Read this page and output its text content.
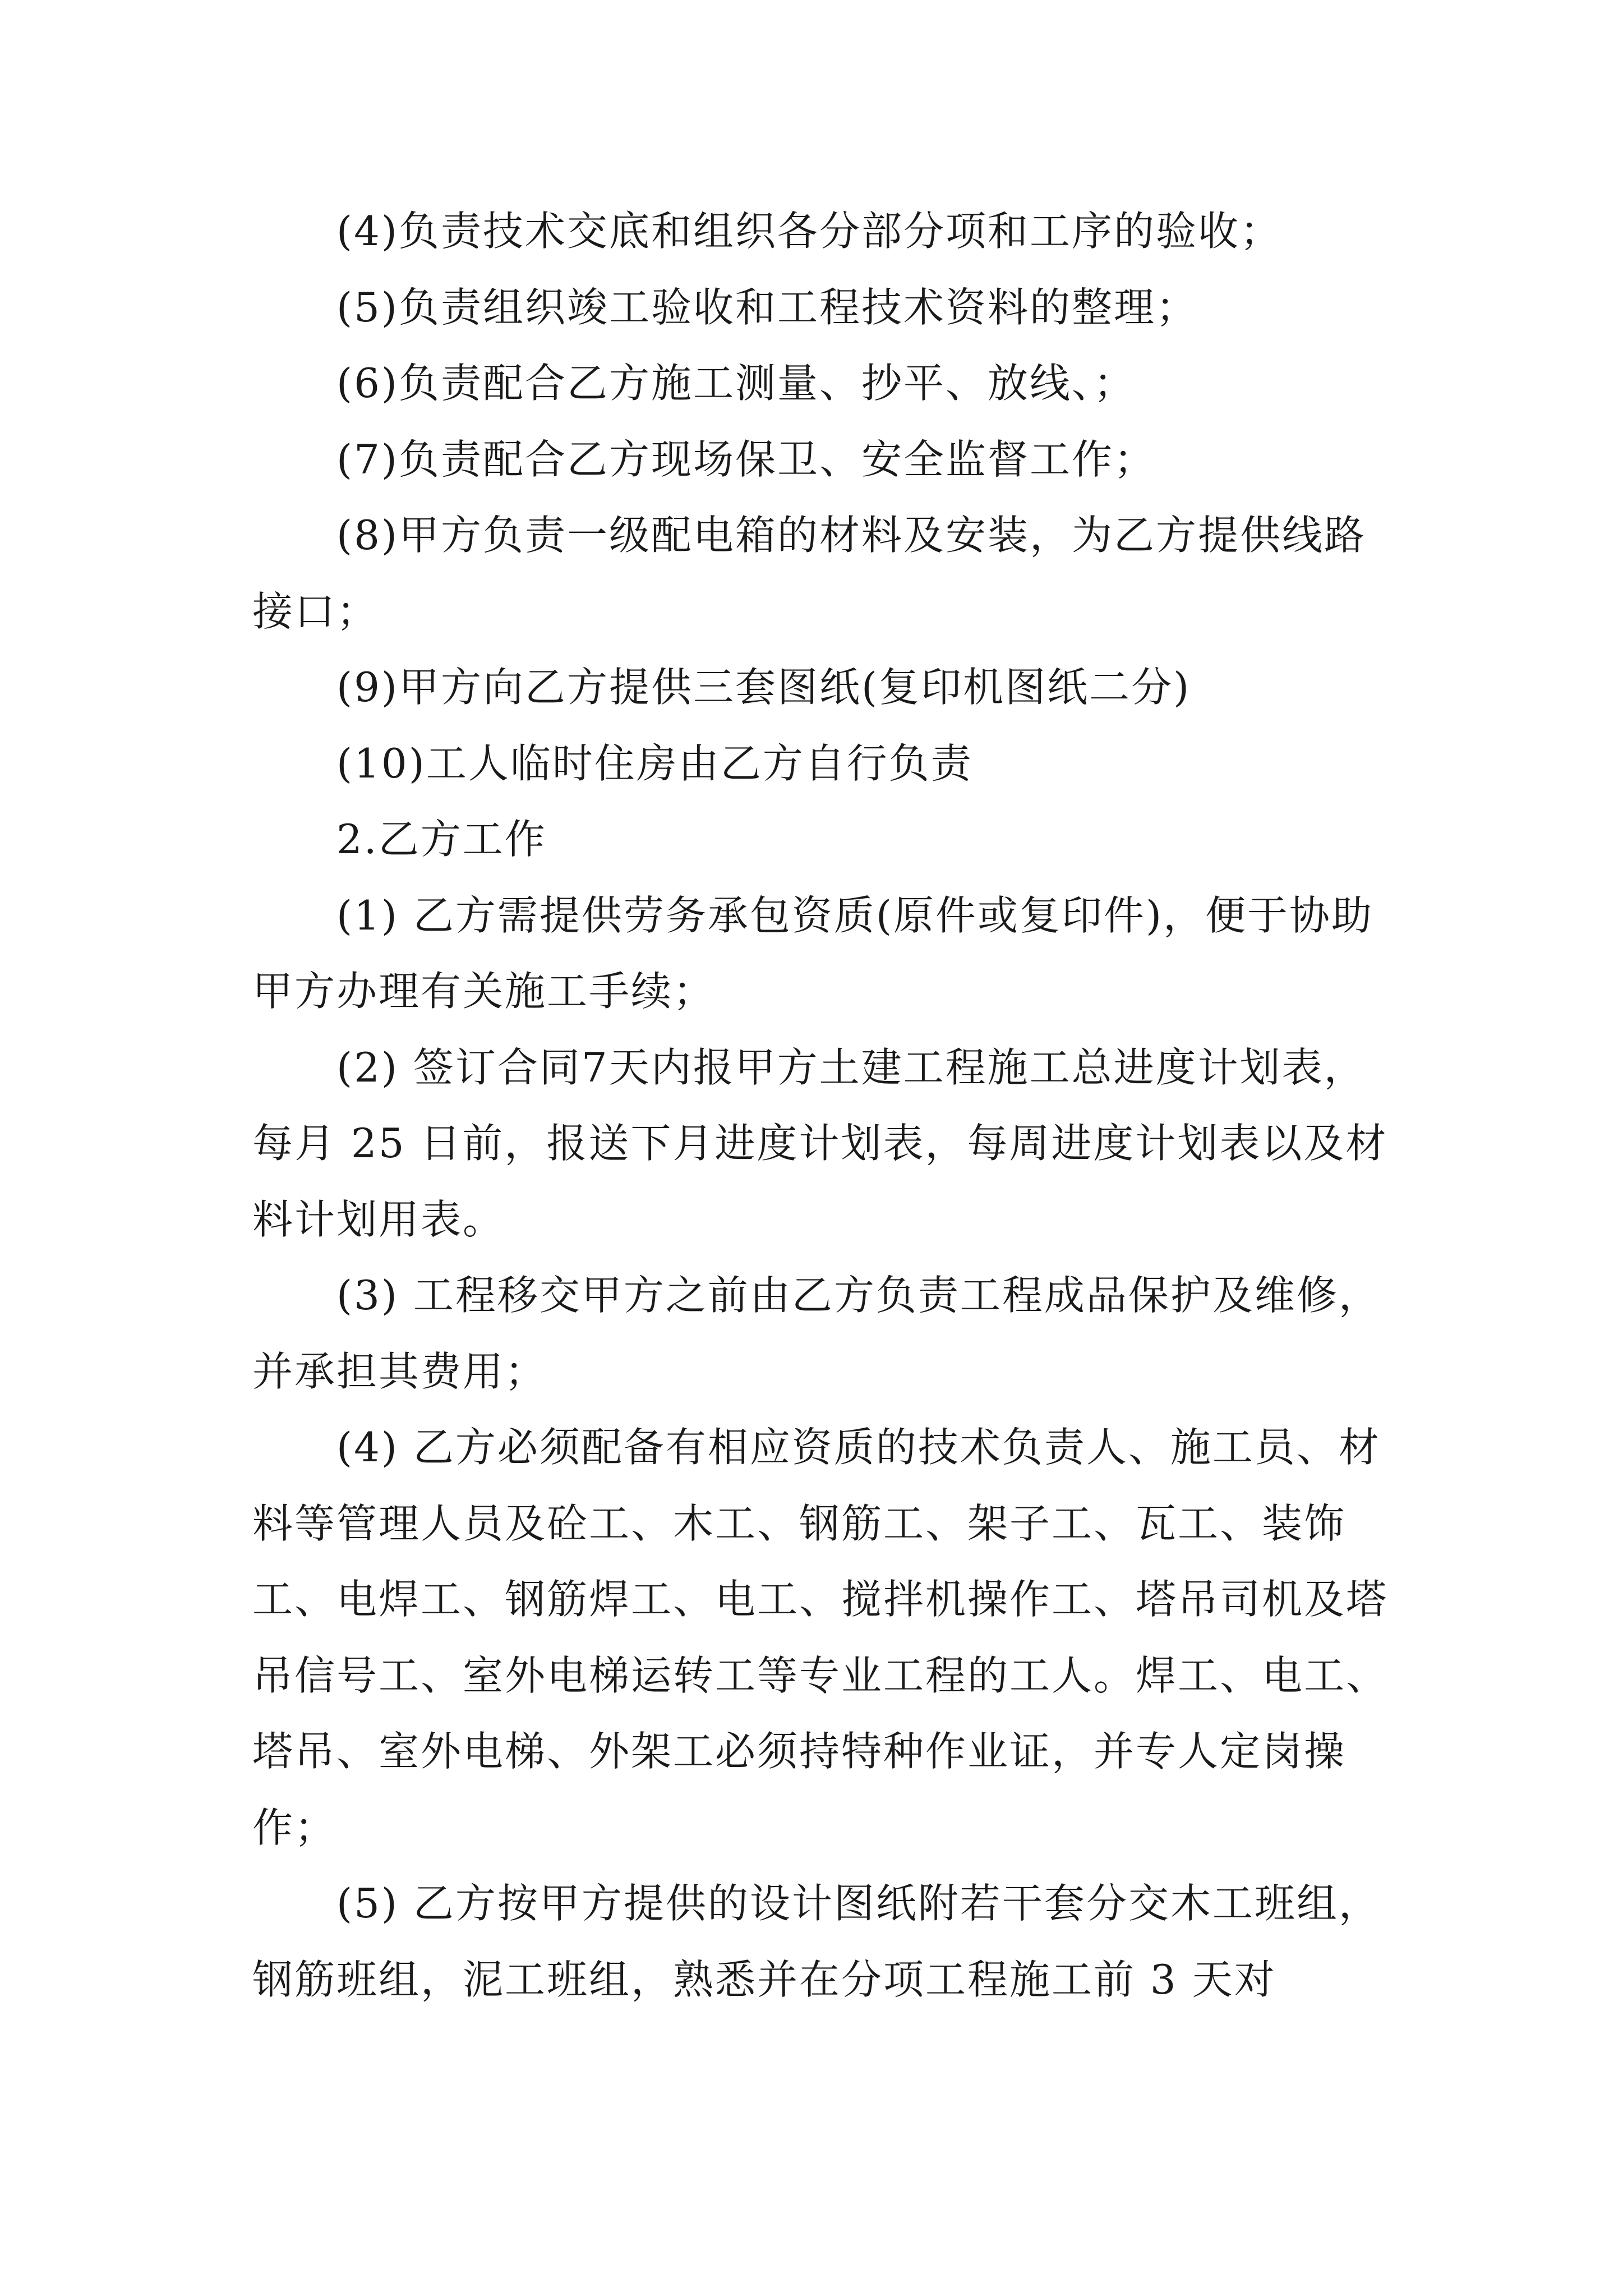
(4)负责技术交底和组织各分部分项和工序的验收；

(5)负责组织竣工验收和工程技术资料的整理；

(6)负责配合乙方施工测量、抄平、放线、；

(7)负责配合乙方现场保卫、安全监督工作；

(8)甲方负责一级配电箱的材料及安装，为乙方提供线路接口；

(9)甲方向乙方提供三套图纸(复印机图纸二分)

(10)工人临时住房由乙方自行负责

2.乙方工作

(1) 乙方需提供劳务承包资质(原件或复印件)，便于协助甲方办理有关施工手续；

(2) 签订合同7天内报甲方土建工程施工总进度计划表，每月 25 日前，报送下月进度计划表，每周进度计划表以及材料计划用表。

(3) 工程移交甲方之前由乙方负责工程成品保护及维修，并承担其费用；

(4) 乙方必须配备有相应资质的技术负责人、施工员、材料等管理人员及砼工、木工、钢筋工、架子工、瓦工、装饰工、电焊工、钢筋焊工、电工、搅拌机操作工、塔吊司机及塔吊信号工、室外电梯运转工等专业工程的工人。焊工、电工、塔吊、室外电梯、外架工必须持特种作业证，并专人定岗操作；

(5) 乙方按甲方提供的设计图纸附若干套分交木工班组，钢筋班组，泥工班组，熟悉并在分项工程施工前 3 天对
